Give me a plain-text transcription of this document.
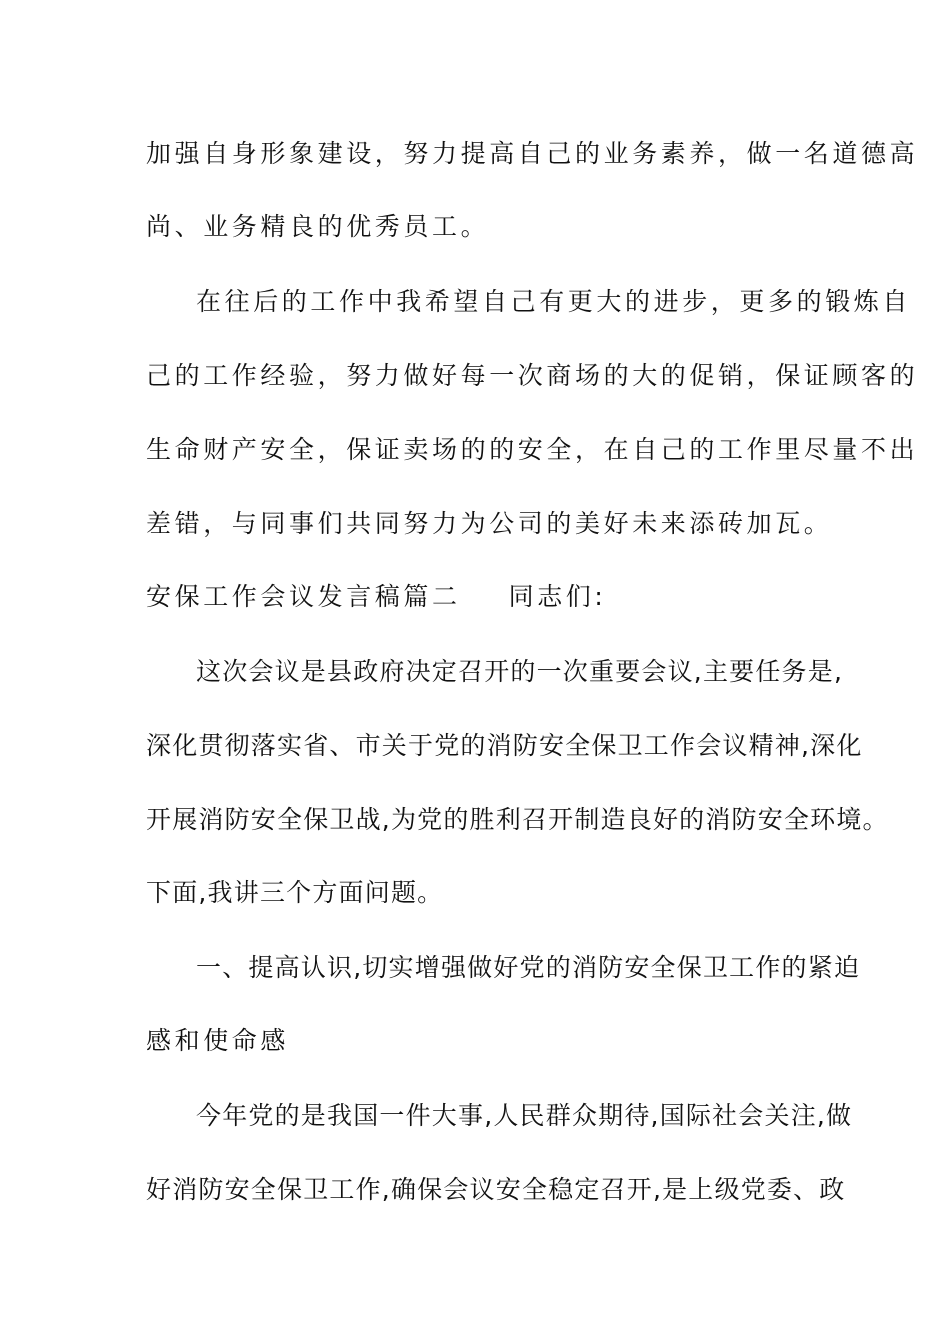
加强自身形象建设，努力提高自己的业务素养，做一名道德高
尚、业务精良的优秀员工。
在往后的工作中我希望自己有更大的进步，更多的锻炼自
己的工作经验，努力做好每一次商场的大的促销，保证顾客的
生命财产安全，保证卖场的的安全，在自己的工作里尽量不出
差错，与同事们共同努力为公司的美好未来添砖加瓦。
安保工作会议发言稿篇二 同志们:
这次会议是县政府决定召开的一次重要会议,主要任务是,
深化贯彻落实省、市关于党的消防安全保卫工作会议精神,深化
开展消防安全保卫战,为党的胜利召开制造良好的消防安全环境。
下面,我讲三个方面问题。
一、提高认识,切实增强做好党的消防安全保卫工作的紧迫
感和使命感
今年党的是我国一件大事,人民群众期待,国际社会关注,做
好消防安全保卫工作,确保会议安全稳定召开,是上级党委、政
